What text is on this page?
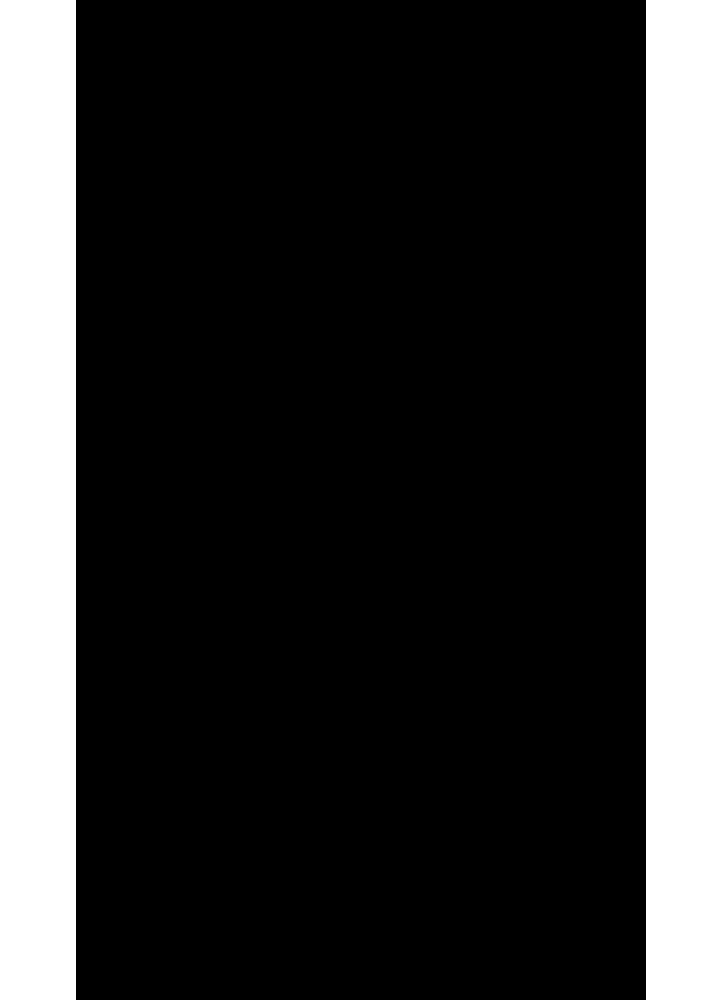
У мене є планшет для письма і стилус. Закінчивши сторінку, я перекладу її на мідроманський ардуп — їх зберігає рециркулятор. Стос аркушів, мовний завтовшки з кожну пойзу, повільно зростає, і це єдина звідна надзвіз.

Пробитися з окружність тазом побачити неможливо. Й закріплено к статично-динамічній оболонці коточної коробки та з'єднано з повітряним фільтром таким чином, що навіть догори до неї минуть у повітря цівніці. Так само як і спроба пробити отвір в оболонці моєї в'язниці. Енергетичний ланцюг оболонки містить також лічильник радіації, таймер та ізотопний елемент. Я не знаю, коли генератор випадкових чисел на таймері змусить спрацювати лічильник. Я не знаю, коли відбудеться синицький варан, що захищає крайній ізотоп. Я не знаю, коли ізотоп виділить частинку.

Але тієї миті, коли частинка виділиться з ізотопу, я дізнаюся, що лічильник спрацював. У повітрі запахне гіркими мигдалем — на секунду чи дві, доки газ не вб'є мене.

Сподіваюся, що це станеться моментально.

У певному значенні, згідно зі старозавітним парадоксом квантової фізики, нарешті я ні живий, ані мертвий. Я перебуваю у відтермінованому стані, утвореному хвилями ймовірності, котрі перекриваюсь одна одну; у стані, подібному до того, що був створений в уявному експерименті Шредінгера. Та оваїльки стіни моєї коробки — це не тільки поверхні, що обмежують простір вороженні, а й згустки потоцької енергії, здатної вибухнути за найменшого втручання, ніхто ніколи не зазирне до коробки подивитися, живий я чи мертвий. Теоретично за мою сміру ніхто безпосередньо не відповідав, і тільки незмінні закони квантової теорії

6
